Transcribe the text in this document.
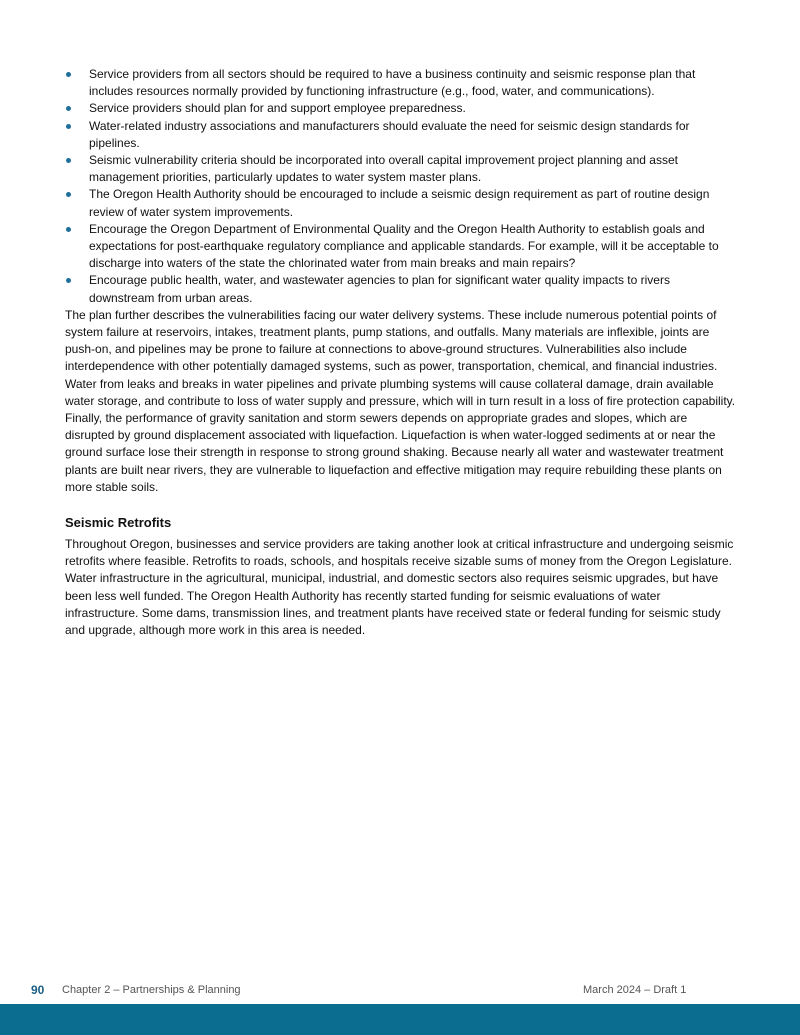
Service providers from all sectors should be required to have a business continuity and seismic response plan that includes resources normally provided by functioning infrastructure (e.g., food, water, and communications).
Service providers should plan for and support employee preparedness.
Water-related industry associations and manufacturers should evaluate the need for seismic design standards for pipelines.
Seismic vulnerability criteria should be incorporated into overall capital improvement project planning and asset management priorities, particularly updates to water system master plans.
The Oregon Health Authority should be encouraged to include a seismic design requirement as part of routine design review of water system improvements.
Encourage the Oregon Department of Environmental Quality and the Oregon Health Authority to establish goals and expectations for post-earthquake regulatory compliance and applicable standards. For example, will it be acceptable to discharge into waters of the state the chlorinated water from main breaks and main repairs?
Encourage public health, water, and wastewater agencies to plan for significant water quality impacts to rivers downstream from urban areas.

The plan further describes the vulnerabilities facing our water delivery systems. These include numerous potential points of system failure at reservoirs, intakes, treatment plants, pump stations, and outfalls. Many materials are inflexible, joints are push-on, and pipelines may be prone to failure at connections to above-ground structures. Vulnerabilities also include interdependence with other potentially damaged systems, such as power, transportation, chemical, and financial industries. Water from leaks and breaks in water pipelines and private plumbing systems will cause collateral damage, drain available water storage, and contribute to loss of water supply and pressure, which will in turn result in a loss of fire protection capability.

Finally, the performance of gravity sanitation and storm sewers depends on appropriate grades and slopes, which are disrupted by ground displacement associated with liquefaction. Liquefaction is when water-logged sediments at or near the ground surface lose their strength in response to strong ground shaking. Because nearly all water and wastewater treatment plants are built near rivers, they are vulnerable to liquefaction and effective mitigation may require rebuilding these plants on more stable soils.

Seismic Retrofits

Throughout Oregon, businesses and service providers are taking another look at critical infrastructure and undergoing seismic retrofits where feasible. Retrofits to roads, schools, and hospitals receive sizable sums of money from the Oregon Legislature. Water infrastructure in the agricultural, municipal, industrial, and domestic sectors also requires seismic upgrades, but have been less well funded. The Oregon Health Authority has recently started funding for seismic evaluations of water infrastructure. Some dams, transmission lines, and treatment plants have received state or federal funding for seismic study and upgrade, although more work in this area is needed.

90 Chapter 2 – Partnerships & Planning	March 2024 – Draft 1
